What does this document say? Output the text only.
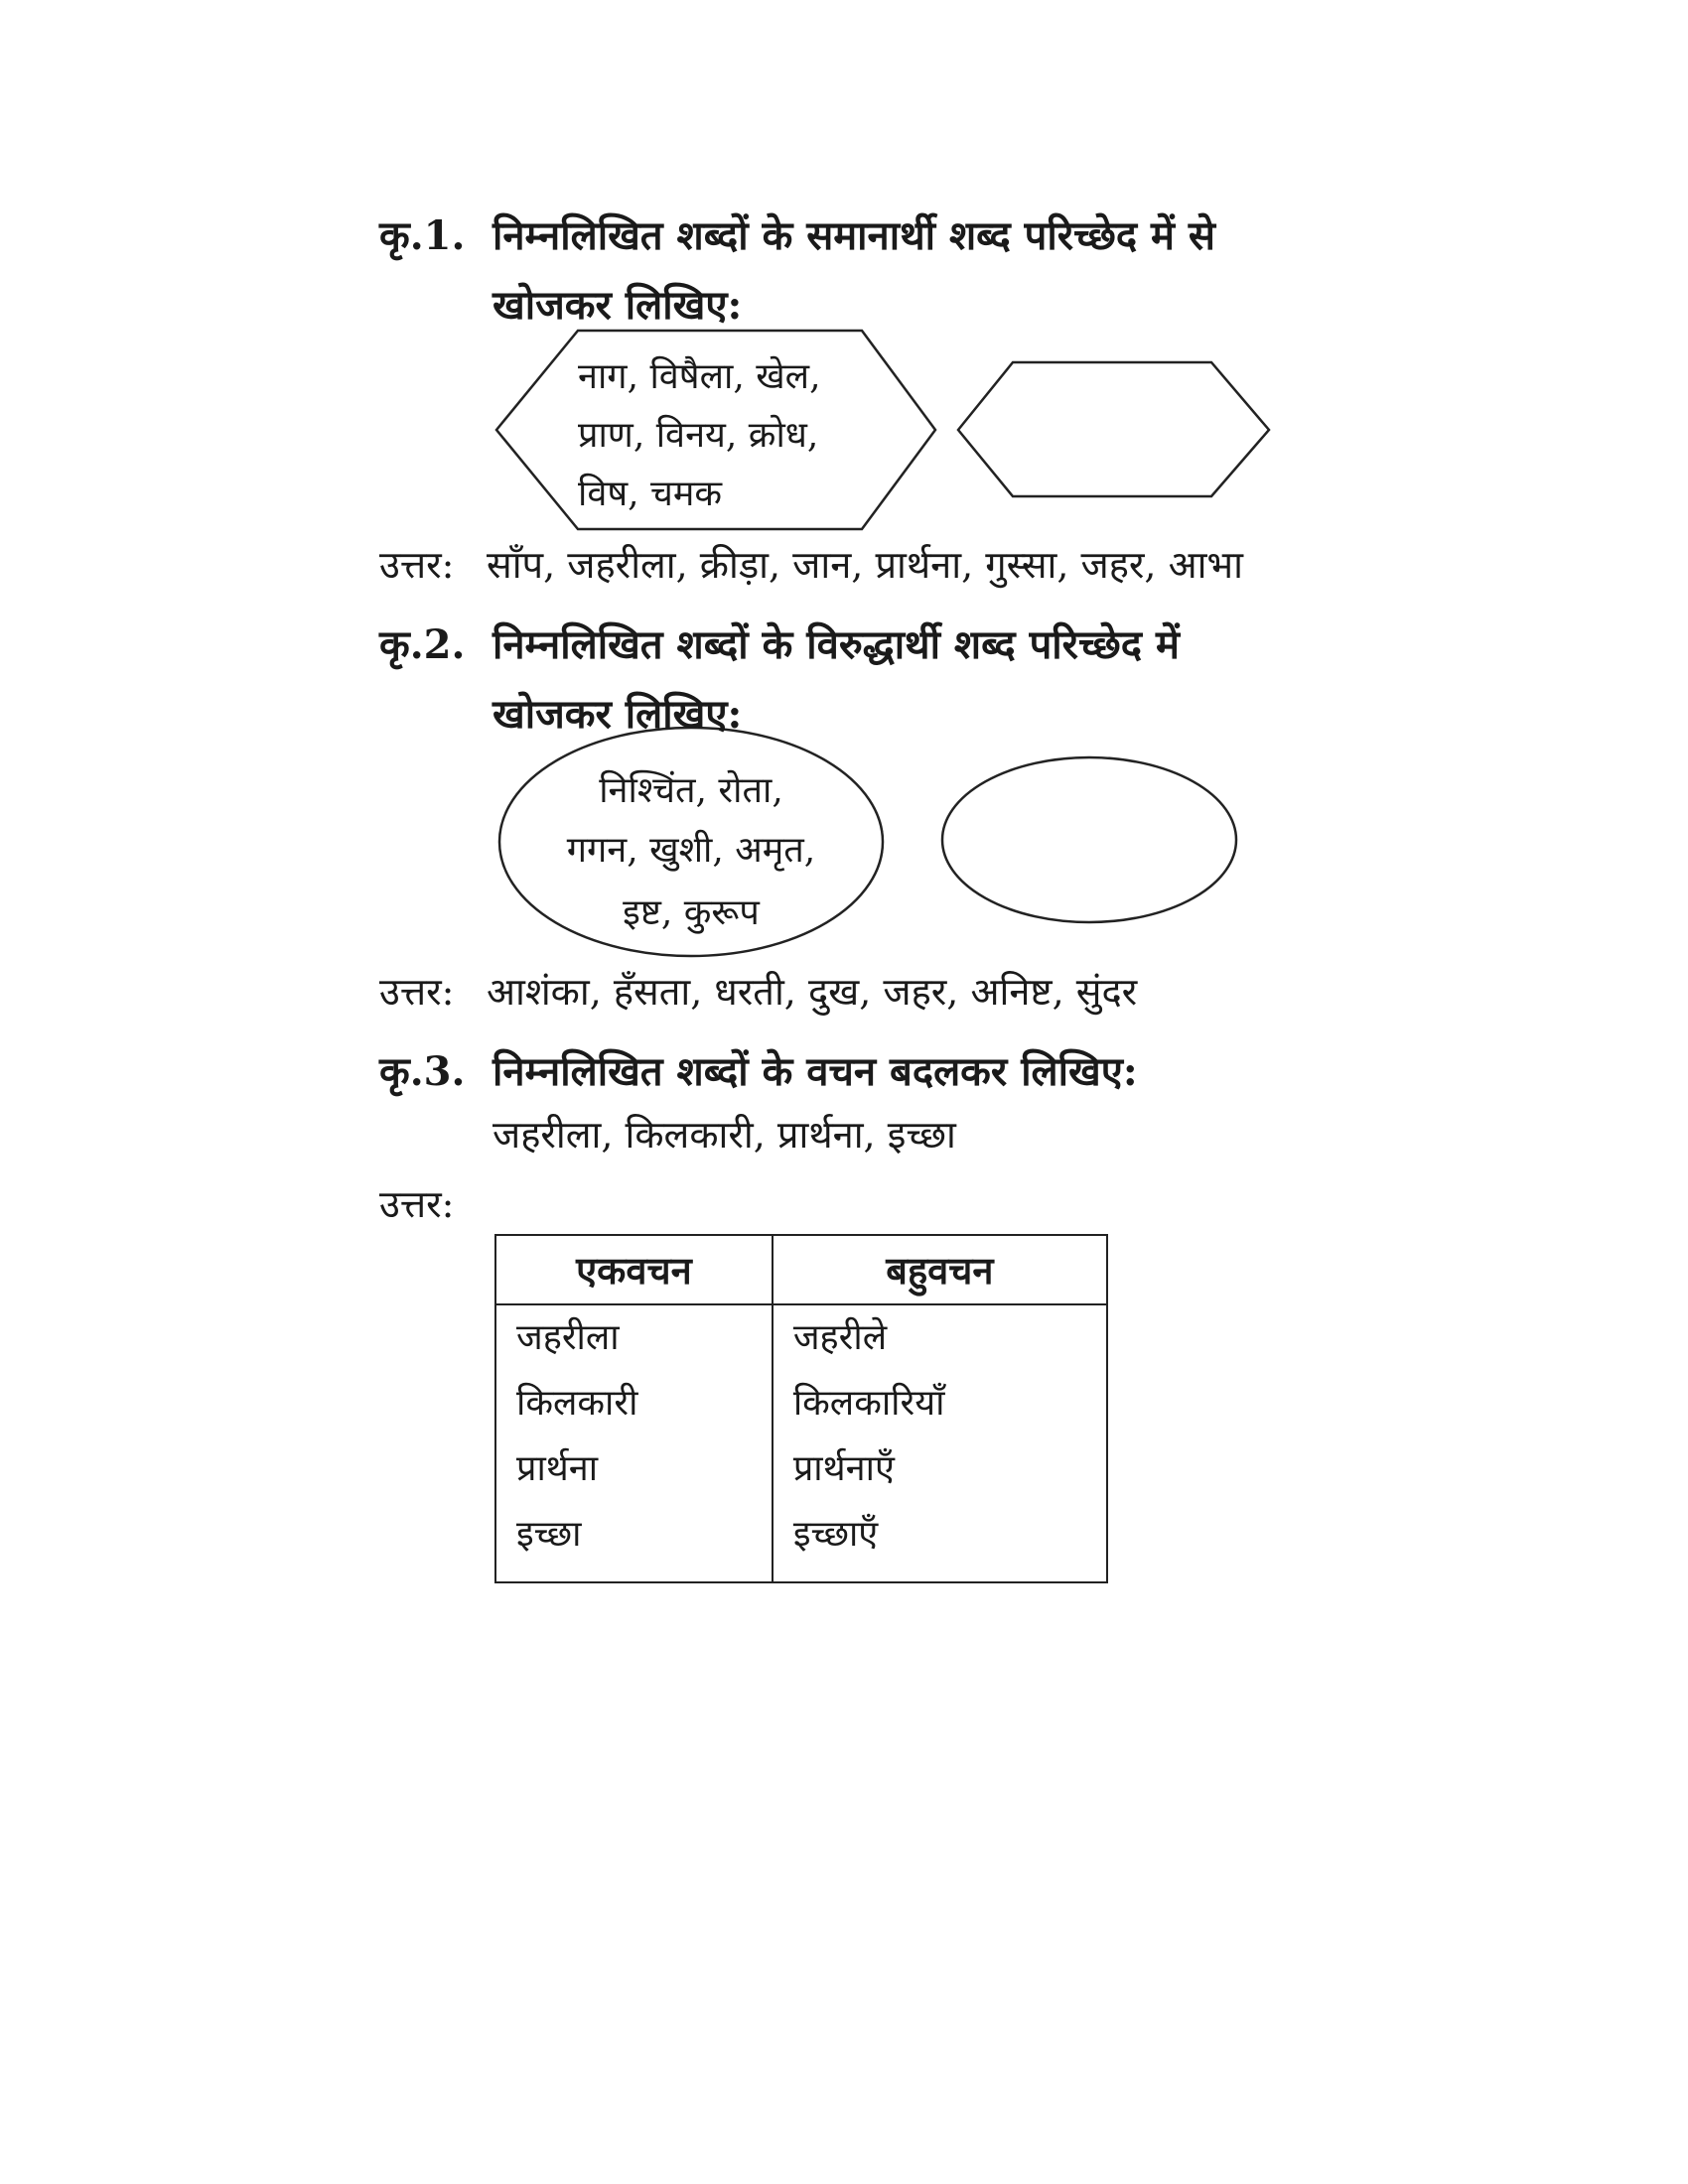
कृ.1. निम्नलिखित शब्दों के समानार्थी शब्द परिच्छेद में से
खोजकर लिखिए:
नाग, विषैला, खेल,
प्राण, विनय, क्रोध,
विष, चमक
उत्तर: साँप, जहरीला, क्रीड़ा, जान, प्रार्थना, गुस्सा, जहर, आभा
कृ.2. निम्नलिखित शब्दों के विरुद्धार्थी शब्द परिच्छेद में
खोजकर लिखिए:
निश्चिंत, रोता,
गगन, खुशी, अमृत,
इष्ट, कुरूप
उत्तर: आशंका, हँसता, धरती, दुख, जहर, अनिष्ट, सुंदर
कृ.3. निम्नलिखित शब्दों के वचन बदलकर लिखिए:
जहरीला, किलकारी, प्रार्थना, इच्छा
उत्तर:
एकवचन	बहुवचन
जहरीला	जहरीले
किलकारी	किलकारियाँ
प्रार्थना	प्रार्थनाएँ
इच्छा	इच्छाएँ
